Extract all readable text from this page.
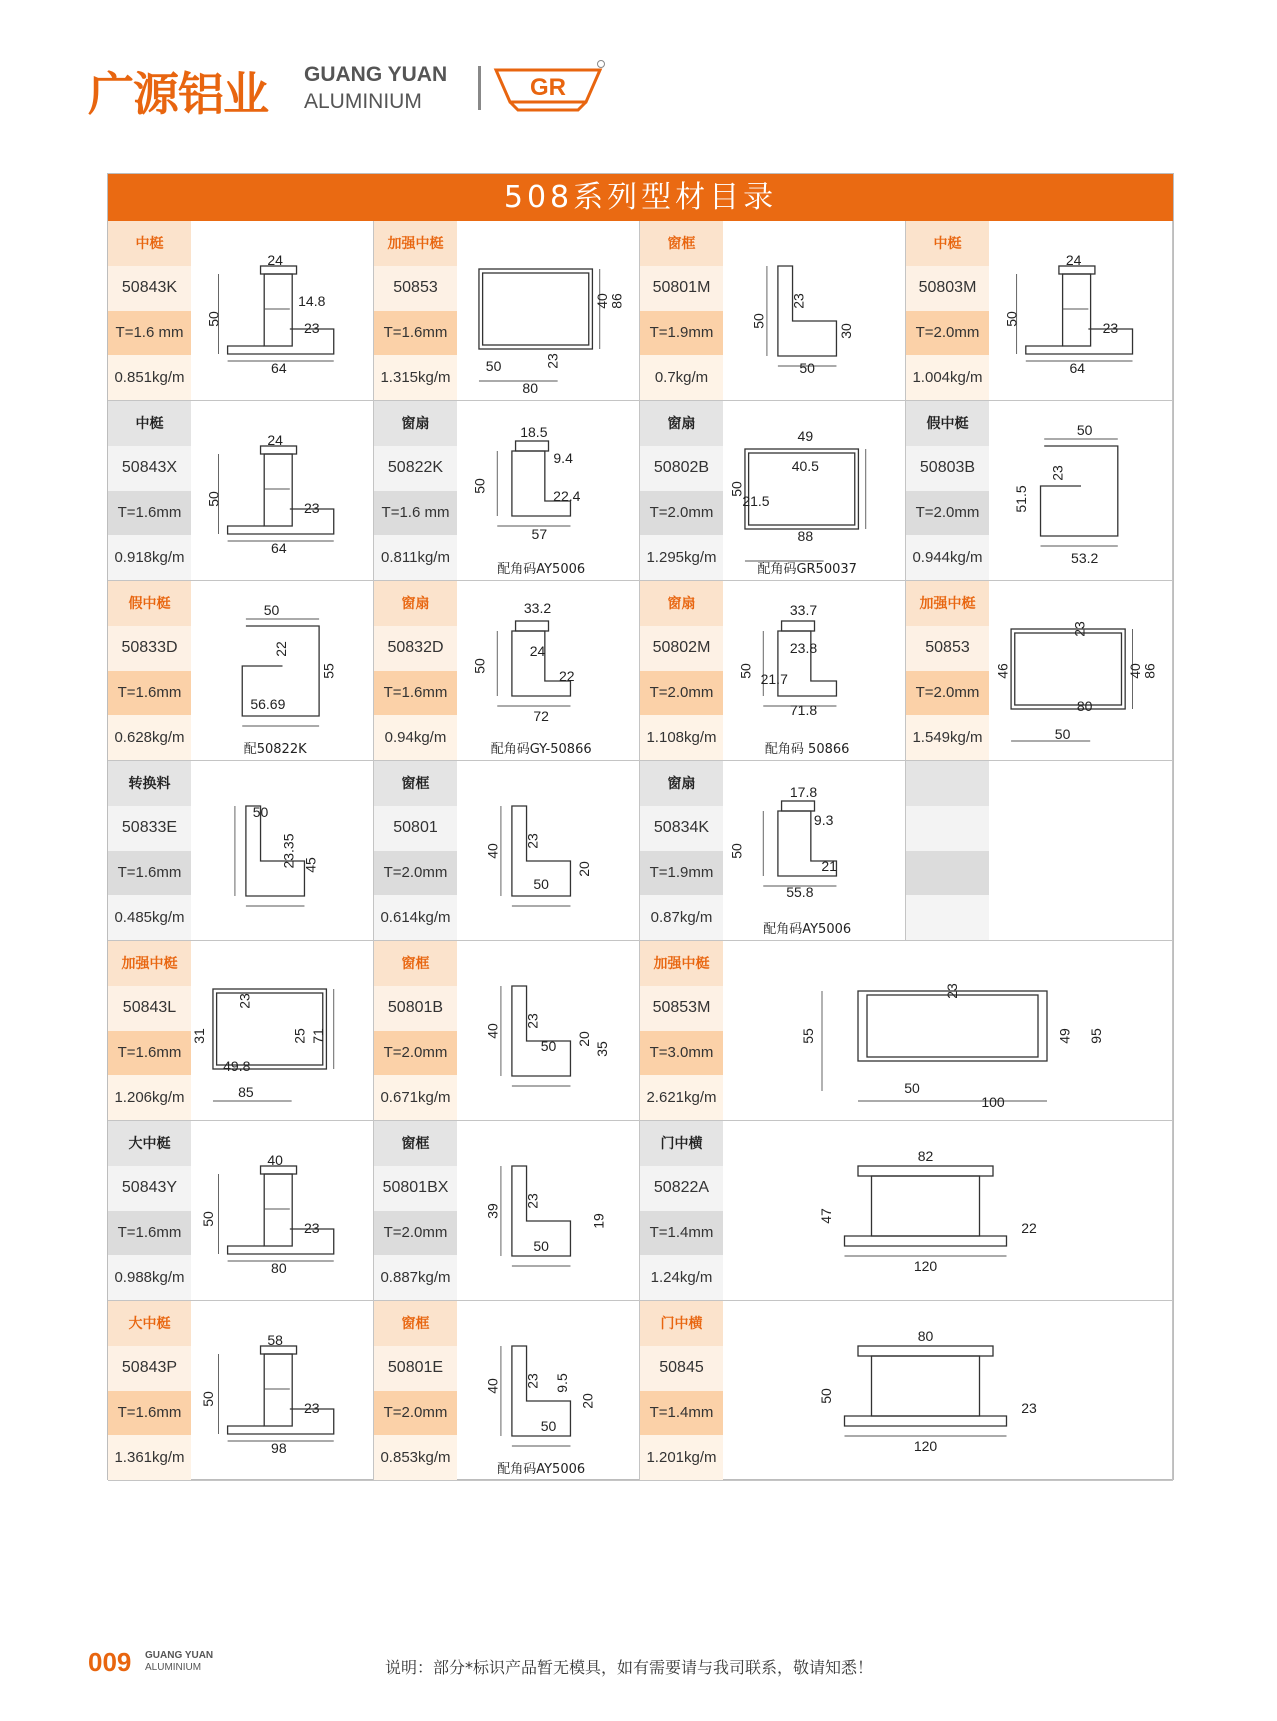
广源铝业 GUANG YUAN
ALUMINIUM
GR
508系列型材目录
中梃
50843K
T=1.6 mm
0.851kg/m
24
14.8
23
50
64
加强中梃
50853
T=1.6mm
1.315kg/m
40
86
23
50
80
窗框
50801M
T=1.9mm
0.7kg/m
23
50
30
50
中梃
50803M
T=2.0mm
1.004kg/m
24
50
23
64
中梃
50843X
T=1.6mm
0.918kg/m
24
50
23
64
窗扇
50822K
T=1.6 mm
0.811kg/m
18.5
9.4
50
22.4
57
配角码AY5006
窗扇
50802B
T=2.0mm
1.295kg/m
49
40.5
50
21.5
88
配角码GR50037
假中梃
50803B
T=2.0mm
0.944kg/m
50
23
51.5
53.2
假中梃
50833D
T=1.6mm
0.628kg/m
50
22
55
56.69
配50822K
窗扇
50832D
T=1.6mm
0.94kg/m
33.2
24
50
22
72
配角码GY-50866
窗扇
50802M
T=2.0mm
1.108kg/m
33.7
23.8
50 21.7
71.8
配角码 50866
加强中梃
50853
T=2.0mm
1.549kg/m
23
46	40
86
80
50
转换料
50833E
T=1.6mm
0.485kg/m
50
23.35 45
窗框
50801
T=2.0mm
0.614kg/m
40
23
20
50
窗扇
50834K
T=1.9mm
0.87kg/m
17.8
9.3
50
21
55.8
配角码AY5006
加强中梃
50843L
T=1.6mm
1.206kg/m
23
31	25 71
49.8
85
窗框
50801B
T=2.0mm
0.671kg/m
40
23
50 20
35
加强中梃
50853M
T=3.0mm
2.621kg/m
23
55	49 95
50
100
大中梃
50843Y
T=1.6mm
0.988kg/m
40
50
23
80
窗框
50801BX
T=2.0mm
0.887kg/m
39
23
19
50
门中横
50822A
T=1.4mm
1.24kg/m
82
47
22
120
大中梃
50843P
T=1.6mm
1.361kg/m
58
50
23
98
窗框
50801E
T=2.0mm
0.853kg/m
40 23 9.5
20
50
配角码AY5006
门中横
50845
T=1.4mm
1.201kg/m
80
50
23
120
009 GUANG YUAN
ALUMINIUM	说明：部分*标识产品暂无模具，如有需要请与我司联系，敬请知悉！
